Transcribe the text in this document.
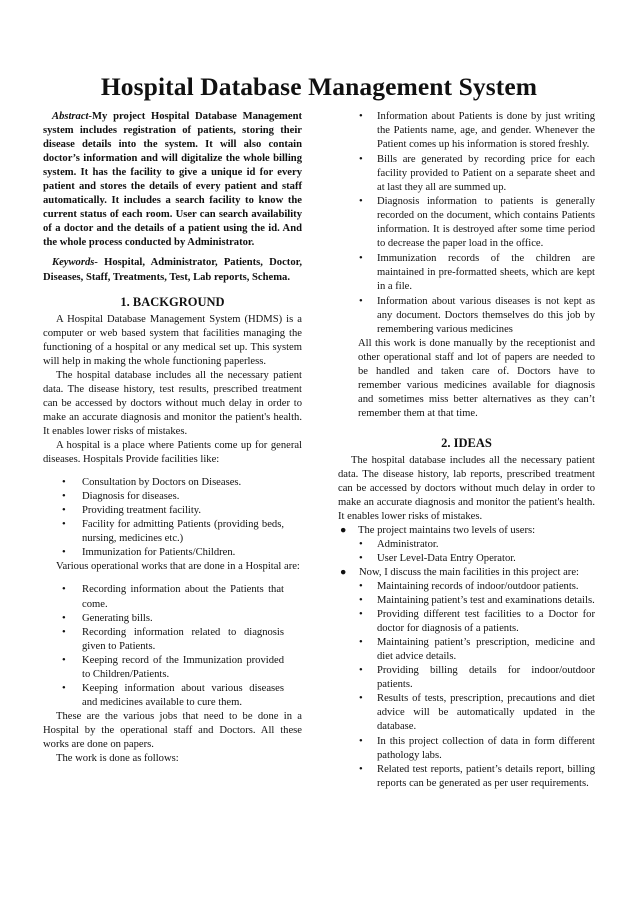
Hospital Database Management System

Abstract-My project Hospital Database Management system includes registration of patients, storing their disease details into the system. It will also contain doctor’s information and will digitalize the whole billing system. It has the facility to give a unique id for every patient and stores the details of every patient and staff automatically. It includes a search facility to know the current status of each room. User can search availability of a doctor and the details of a patient using the id. And the whole process conducted by Administrator.

Keywords- Hospital, Administrator, Patients, Doctor, Diseases, Staff, Treatments, Test, Lab reports, Schema.

1. BACKGROUND

A Hospital Database Management System (HDMS) is a computer or web based system that facilities managing the functioning of a hospital or any medical set up. This system will help in making the whole functioning paperless.

The hospital database includes all the necessary patient data. The disease history, test results, prescribed treatment can be accessed by doctors without much delay in order to make an accurate diagnosis and monitor the patient's health. It enables lower risks of mistakes.

A hospital is a place where Patients come up for general diseases. Hospitals Provide facilities like:

• Consultation by Doctors on Diseases.
• Diagnosis for diseases.
• Providing treatment facility.
• Facility for admitting Patients (providing beds, nursing, medicines etc.)
• Immunization for Patients/Children.

Various operational works that are done in a Hospital are:

• Recording information about the Patients that come.
• Generating bills.
• Recording information related to diagnosis given to Patients.
• Keeping record of the Immunization provided to Children/Patients.
• Keeping information about various diseases and medicines available to cure them.

These are the various jobs that need to be done in a Hospital by the operational staff and Doctors. All these works are done on papers.

The work is done as follows:

• Information about Patients is done by just writing the Patients name, age, and gender. Whenever the Patient comes up his information is stored freshly.
• Bills are generated by recording price for each facility provided to Patient on a separate sheet and at last they all are summed up.
• Diagnosis information to patients is generally recorded on the document, which contains Patients information. It is destroyed after some time period to decrease the paper load in the office.
• Immunization records of the children are maintained in pre-formatted sheets, which are kept in a file.
• Information about various diseases is not kept as any document. Doctors themselves do this job by remembering various medicines

All this work is done manually by the receptionist and other operational staff and lot of papers are needed to be handled and taken care of. Doctors have to remember various medicines available for diagnosis and sometimes miss better alternatives as they can’t remember them at that time.

2. IDEAS

The hospital database includes all the necessary patient data. The disease history, lab reports, prescribed treatment can be accessed by doctors without much delay in order to make an accurate diagnosis and monitor the patient's health. It enables lower risks of mistakes.

● The project maintains two levels of users:

• Administrator.
• User Level-Data Entry Operator.

● Now, I discuss the main facilities in this project are:

• Maintaining records of indoor/outdoor patients.
• Maintaining patient’s test and examinations details.
• Providing different test facilities to a Doctor for doctor for diagnosis of a patients.
• Maintaining patient’s prescription, medicine and diet advice details.
• Providing billing details for indoor/outdoor patients.
• Results of tests, prescription, precautions and diet advice will be automatically updated in the database.
• In this project collection of data in form different pathology labs.
• Related test reports, patient’s details report, billing reports can be generated as per user requirements.
